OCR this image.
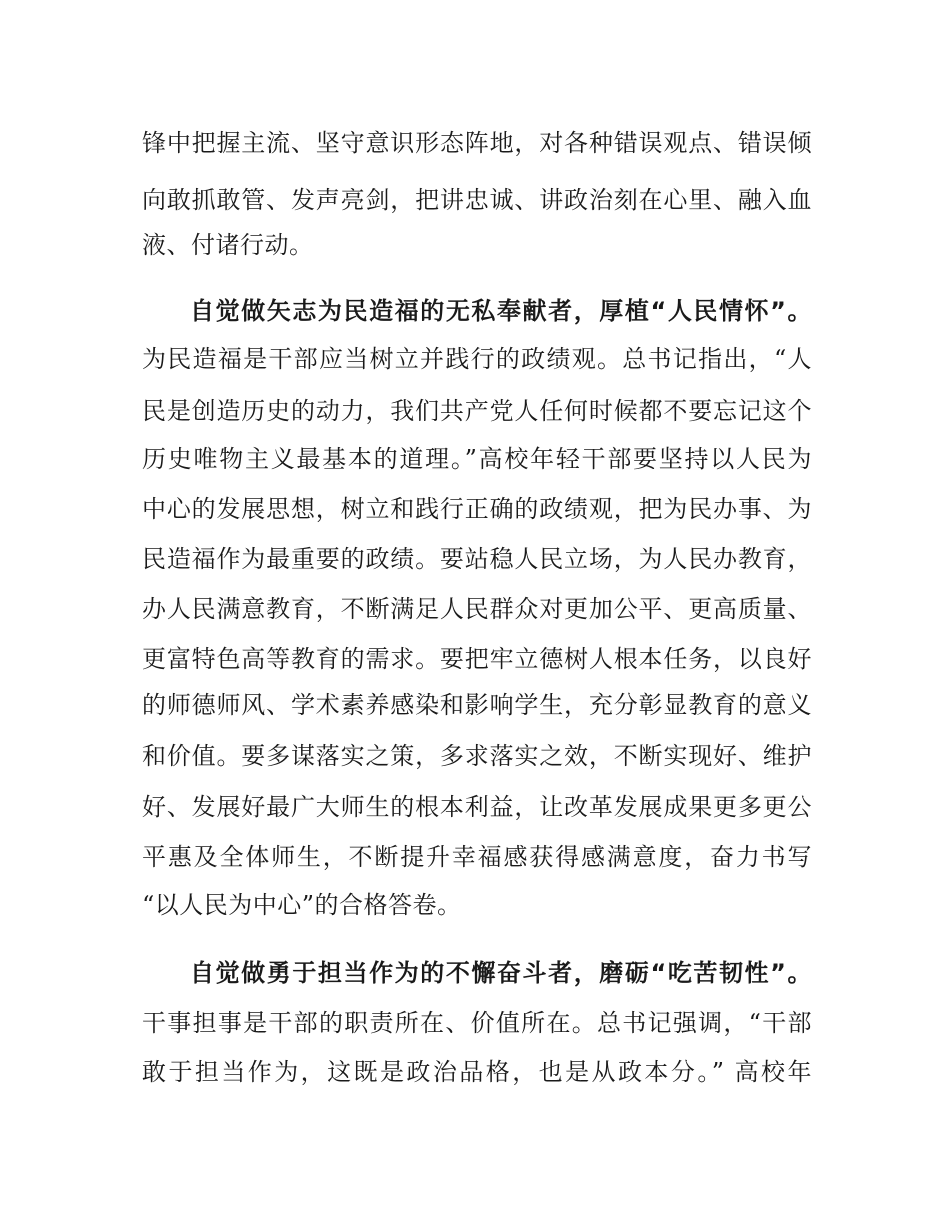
锋中把握主流、坚守意识形态阵地，对各种错误观点、错误倾
向敢抓敢管、发声亮剑，把讲忠诚、讲政治刻在心里、融入血
液、付诸行动。
自觉做矢志为民造福的无私奉献者，厚植“人民情怀”。
为民造福是干部应当树立并践行的政绩观。总书记指出，“人
民是创造历史的动力，我们共产党人任何时候都不要忘记这个
历史唯物主义最基本的道理。”高校年轻干部要坚持以人民为
中心的发展思想，树立和践行正确的政绩观，把为民办事、为
民造福作为最重要的政绩。要站稳人民立场，为人民办教育，
办人民满意教育，不断满足人民群众对更加公平、更高质量、
更富特色高等教育的需求。要把牢立德树人根本任务，以良好
的师德师风、学术素养感染和影响学生，充分彰显教育的意义
和价值。要多谋落实之策，多求落实之效，不断实现好、维护
好、发展好最广大师生的根本利益，让改革发展成果更多更公
平惠及全体师生，不断提升幸福感获得感满意度，奋力书写
“以人民为中心”的合格答卷。
自觉做勇于担当作为的不懈奋斗者，磨砺“吃苦韧性”。
干事担事是干部的职责所在、价值所在。总书记强调，“干部
敢于担当作为，这既是政治品格，也是从政本分。” 高校年
